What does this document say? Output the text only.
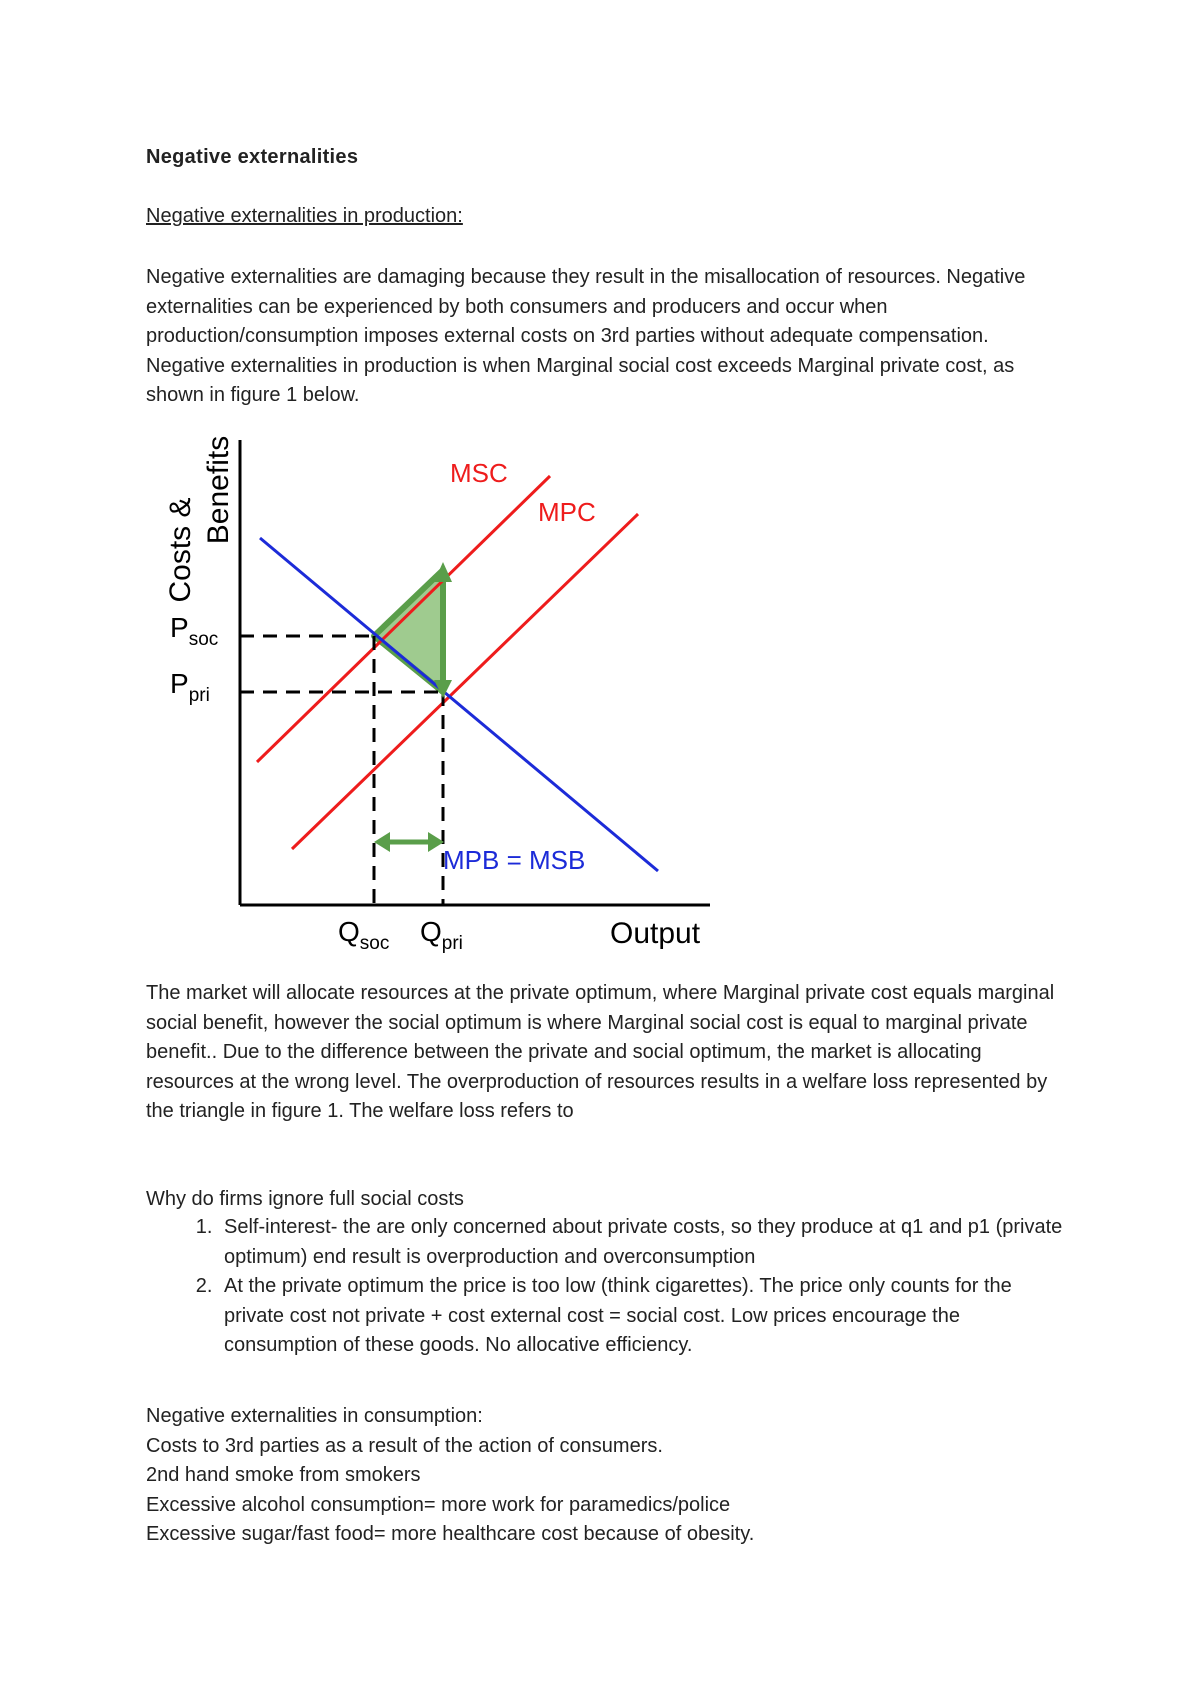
Negative externalities

Negative externalities in production:

Negative externalities are damaging because they result in the misallocation of resources. Negative externalities can be experienced by both consumers and producers and occur when production/consumption imposes external costs on 3rd parties without adequate compensation. Negative externalities in production is when Marginal social cost exceeds Marginal private cost, as shown in figure 1 below.

Costs &
Benefits	MSC
MPC
MPB = MSB
$P_{soc}$
$P_{pri}$
$Q_{soc}$ $Q_{pri}$	Output

The market will allocate resources at the private optimum, where Marginal private cost equals marginal social benefit, however the social optimum is where Marginal social cost is equal to marginal private benefit.. Due to the difference between the private and social optimum, the market is allocating resources at the wrong level. The overproduction of resources results in a welfare loss represented by the triangle in figure 1. The welfare loss refers to

Why do firms ignore full social costs

1. Self-interest- the are only concerned about private costs, so they produce at q1 and p1 (private optimum) end result is overproduction and overconsumption
2. At the private optimum the price is too low (think cigarettes). The price only counts for the private cost not private + cost external cost = social cost. Low prices encourage the consumption of these goods. No allocative efficiency.
Negative externalities in consumption:
Costs to 3rd parties as a result of the action of consumers.
2nd hand smoke from smokers
Excessive alcohol consumption= more work for paramedics/police
Excessive sugar/fast food= more healthcare cost because of obesity.
